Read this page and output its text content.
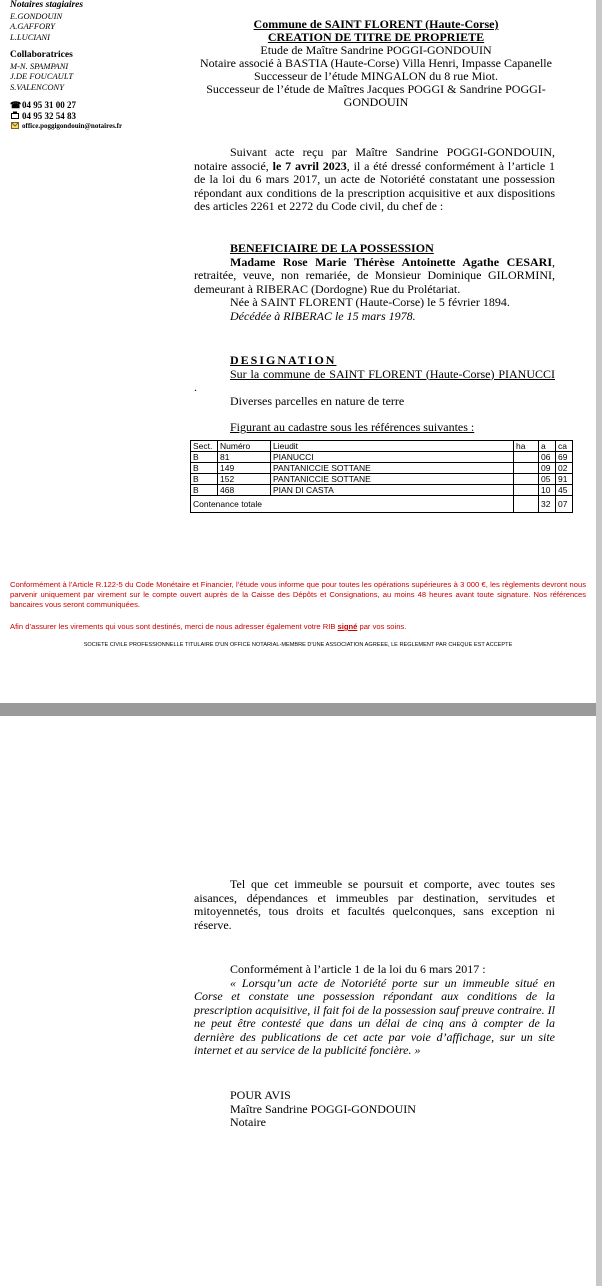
Notaires stagiaires
E.GONDOUIN
A.GAFFORY
L.LUCIANI
Collaboratrices
M-N. SPAMPANI
J.DE FOUCAULT
S.VALENCONY
☎ 04 95 31 00 27
04 95 32 54 83
office.poggigondouin@notaires.fr
Commune de SAINT FLORENT (Haute-Corse)
CREATION DE TITRE DE PROPRIETE
Etude de Maître Sandrine POGGI-GONDOUIN
Notaire associé à BASTIA (Haute-Corse) Villa Henri, Impasse Capanelle
Successeur de l’étude MINGALON du 8 rue Miot.
Successeur de l’étude de Maîtres Jacques POGGI & Sandrine POGGI-
GONDOUIN
Suivant acte reçu par Maître Sandrine POGGI-GONDOUIN, notaire associé, le 7 avril 2023, il a été dressé conformément à l’article 1 de la loi du 6 mars 2017, un acte de Notoriété constatant une possession répondant aux conditions de la prescription acquisitive et aux dispositions des articles 2261 et 2272 du Code civil, du chef de :
BENEFICIAIRE DE LA POSSESSION
Madame Rose Marie Thérèse Antoinette Agathe CESARI, retraitée, veuve, non remariée, de Monsieur Dominique GILORMINI, demeurant à RIBERAC (Dordogne) Rue du Prolétariat.
Née à SAINT FLORENT (Haute-Corse) le 5 février 1894.
Décédée à RIBERAC le 15 mars 1978.
DESIGNATION
Sur la commune de SAINT FLORENT (Haute-Corse) PIANUCCI .
Diverses parcelles en nature de terre
Figurant au cadastre sous les références suivantes :
Sect.	Numéro	Lieudit	ha	a	ca
B	81	PIANUCCI		06	69
B	149	PANTANICCIE SOTTANE		09	02
B	152	PANTANICCIE SOTTANE		05	91
B	468	PIAN DI CASTA		10	45
Contenance totale				32	07
Conformément à l’Article R.122-5 du Code Monétaire et Financier, l’étude vous informe que pour toutes les opérations supérieures à 3 000 €, les règlements devront nous parvenir uniquement par virement sur le compte ouvert auprès de la Caisse des Dépôts et Consignations, au moins 48 heures avant toute signature. Nos références bancaires vous seront communiquées.
Afin d’assurer les virements qui vous sont destinés, merci de nous adresser également votre RIB signé par vos soins.
SOCIETE CIVILE PROFESSIONNELLE TITULAIRE D'UN OFFICE NOTARIAL-MEMBRE D'UNE ASSOCIATION AGREEE, LE REGLEMENT PAR CHEQUE EST ACCEPTE
Tel que cet immeuble se poursuit et comporte, avec toutes ses aisances, dépendances et immeubles par destination, servitudes et mitoyennetés, tous droits et facultés quelconques, sans exception ni réserve.
Conformément à l’article 1 de la loi du 6 mars 2017 :
« Lorsqu’un acte de Notoriété porte sur un immeuble situé en Corse et constate une possession répondant aux conditions de la prescription acquisitive, il fait foi de la possession sauf preuve contraire. Il ne peut être contesté que dans un délai de cinq ans à compter de la dernière des publications de cet acte par voie d’affichage, sur un site internet et au service de la publicité foncière. »
POUR AVIS
Maître Sandrine POGGI-GONDOUIN
Notaire
